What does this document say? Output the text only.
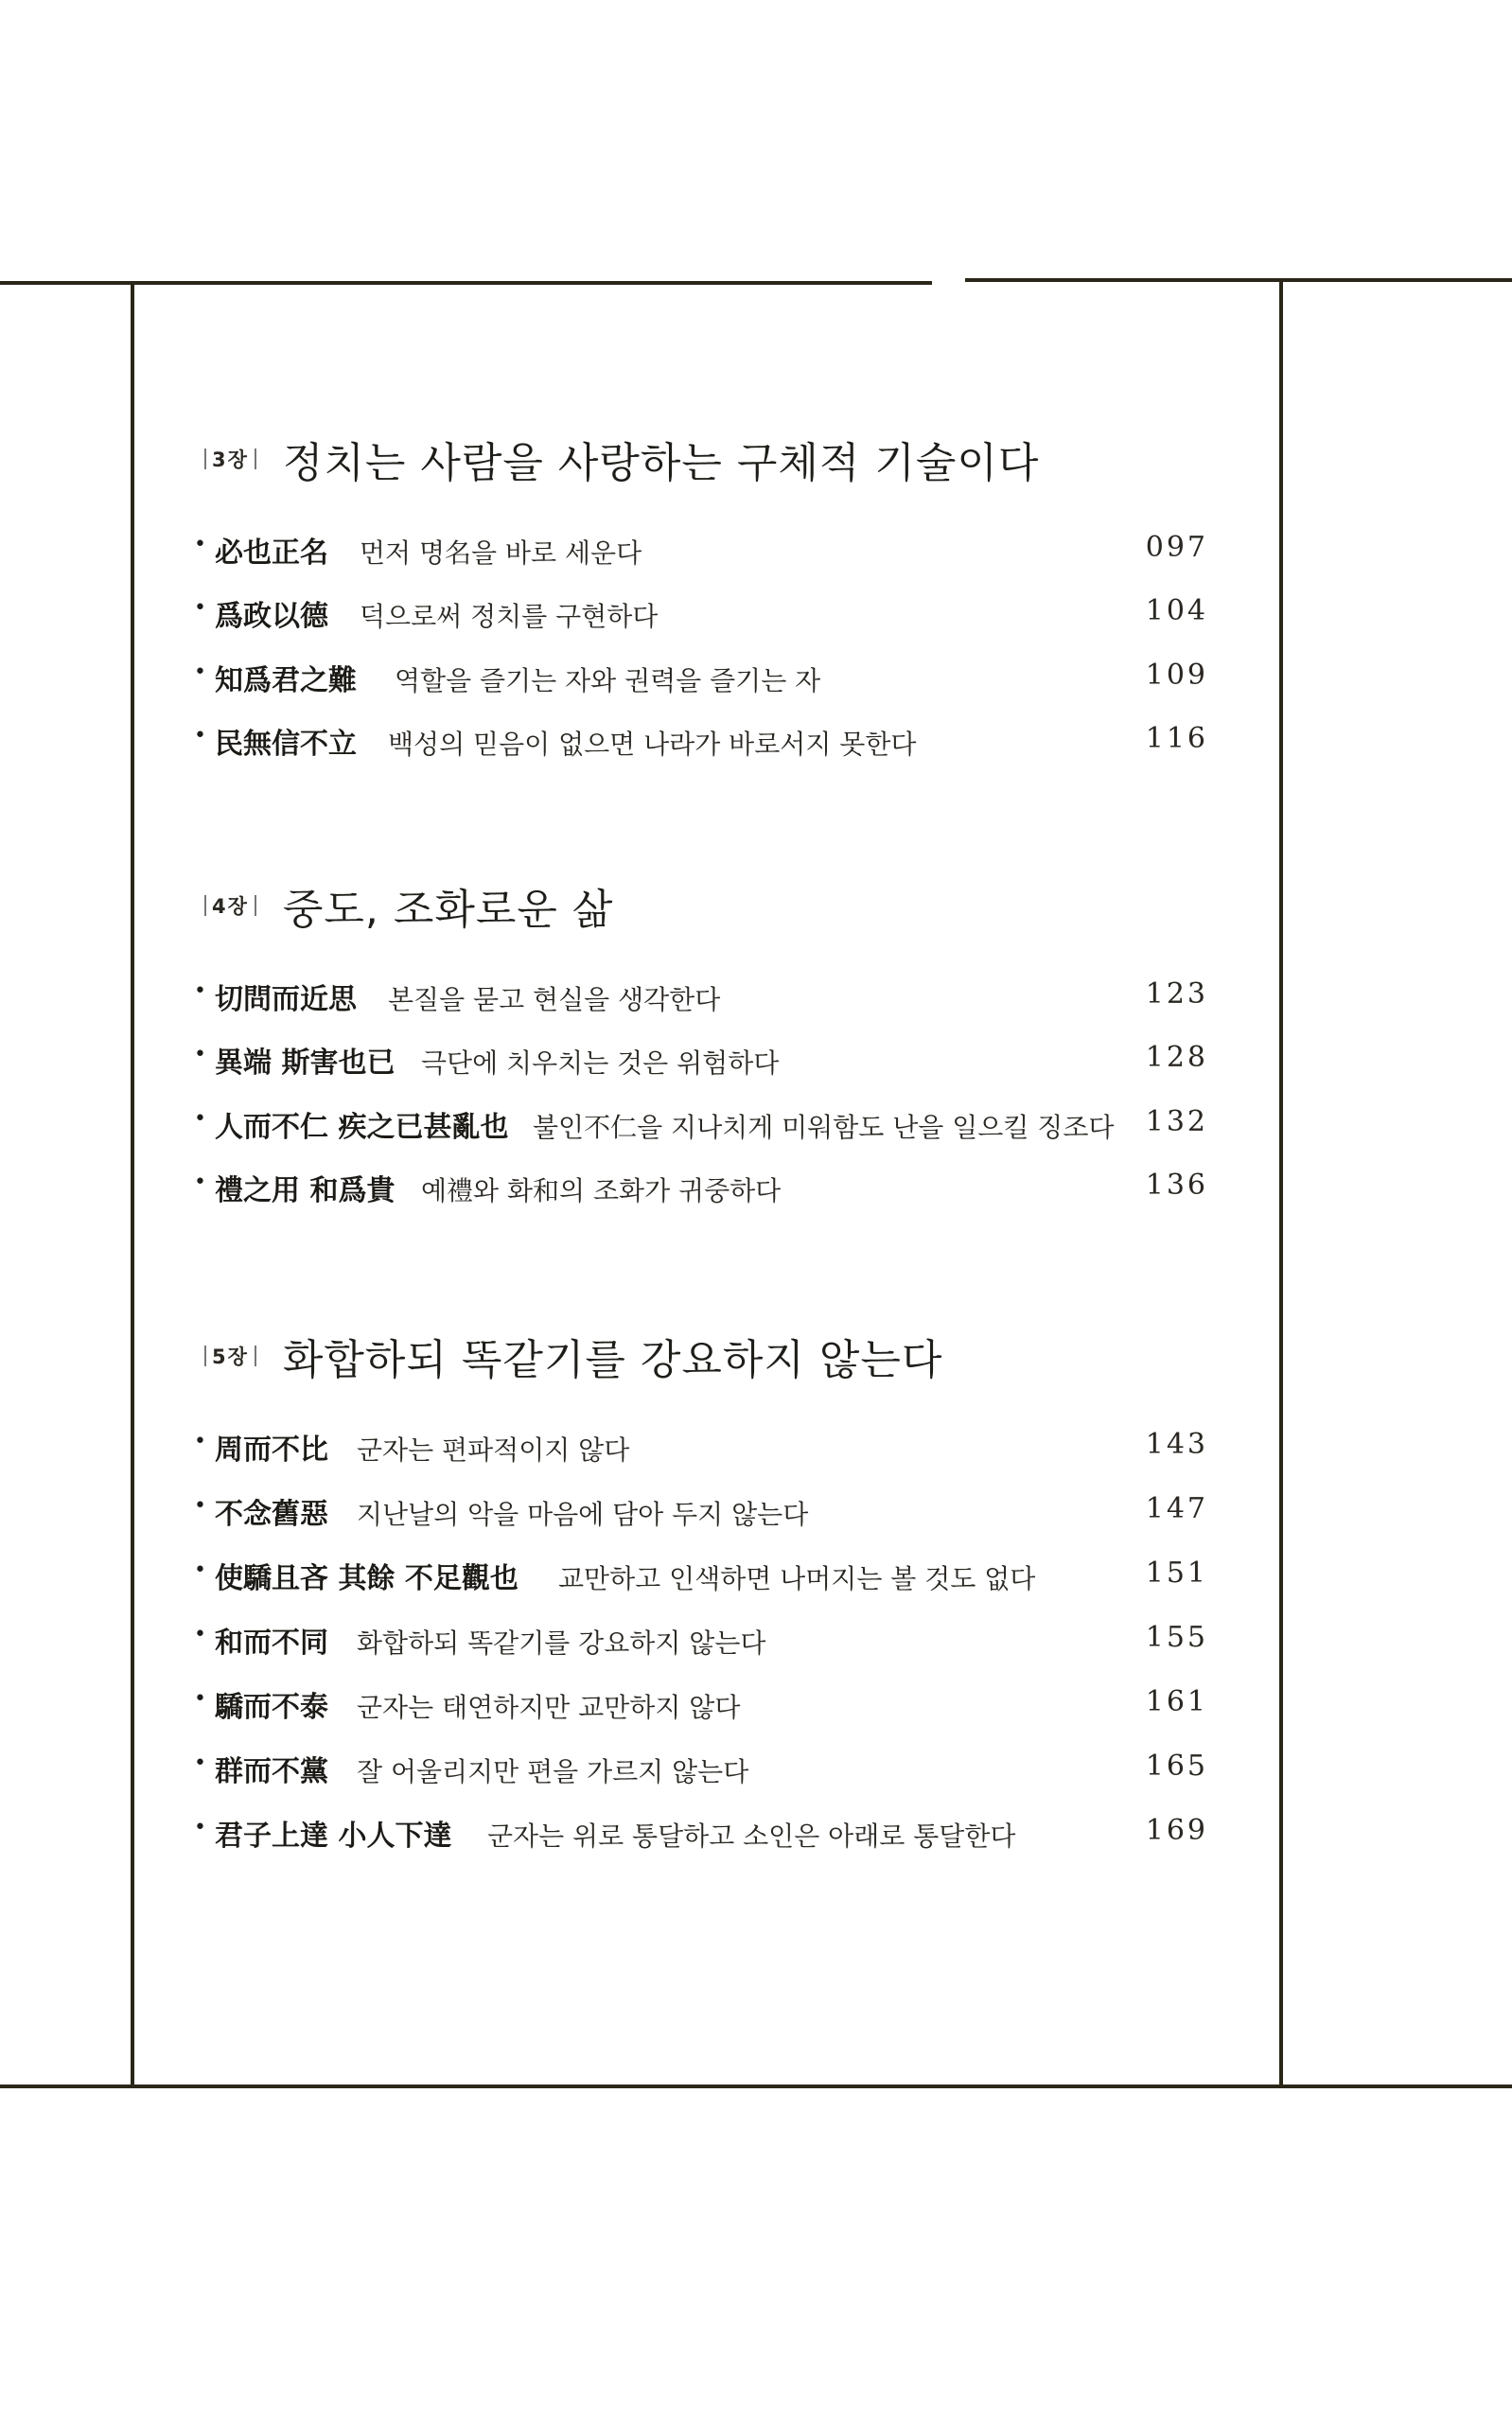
3장 정치는 사람을 사랑하는 구체적 기술이다
• 必也正名 먼저 명名을 바로 세운다	097
• 爲政以德 덕으로써 정치를 구현하다	104
• 知爲君之難 역할을 즐기는 자와 권력을 즐기는 자	109
• 民無信不立 백성의 믿음이 없으면 나라가 바로서지 못한다	116
4장 중도, 조화로운 삶
• 切問而近思 본질을 묻고 현실을 생각한다	123
• 異端 斯害也已 극단에 치우치는 것은 위험하다	128
• 人而不仁 疾之已甚亂也 불인不仁을 지나치게 미워함도 난을 일으킬 징조다 132
• 禮之用 和爲貴 예禮와 화和의 조화가 귀중하다	136
5장 화합하되 똑같기를 강요하지 않는다
• 周而不比 군자는 편파적이지 않다	143
• 不念舊惡 지난날의 악을 마음에 담아 두지 않는다	147
• 使驕且吝 其餘 不足觀也 교만하고 인색하면 나머지는 볼 것도 없다	151
• 和而不同 화합하되 똑같기를 강요하지 않는다	155
• 驕而不泰 군자는 태연하지만 교만하지 않다	161
• 群而不黨 잘 어울리지만 편을 가르지 않는다	165
• 君子上達 小人下達 군자는 위로 통달하고 소인은 아래로 통달한다	169
